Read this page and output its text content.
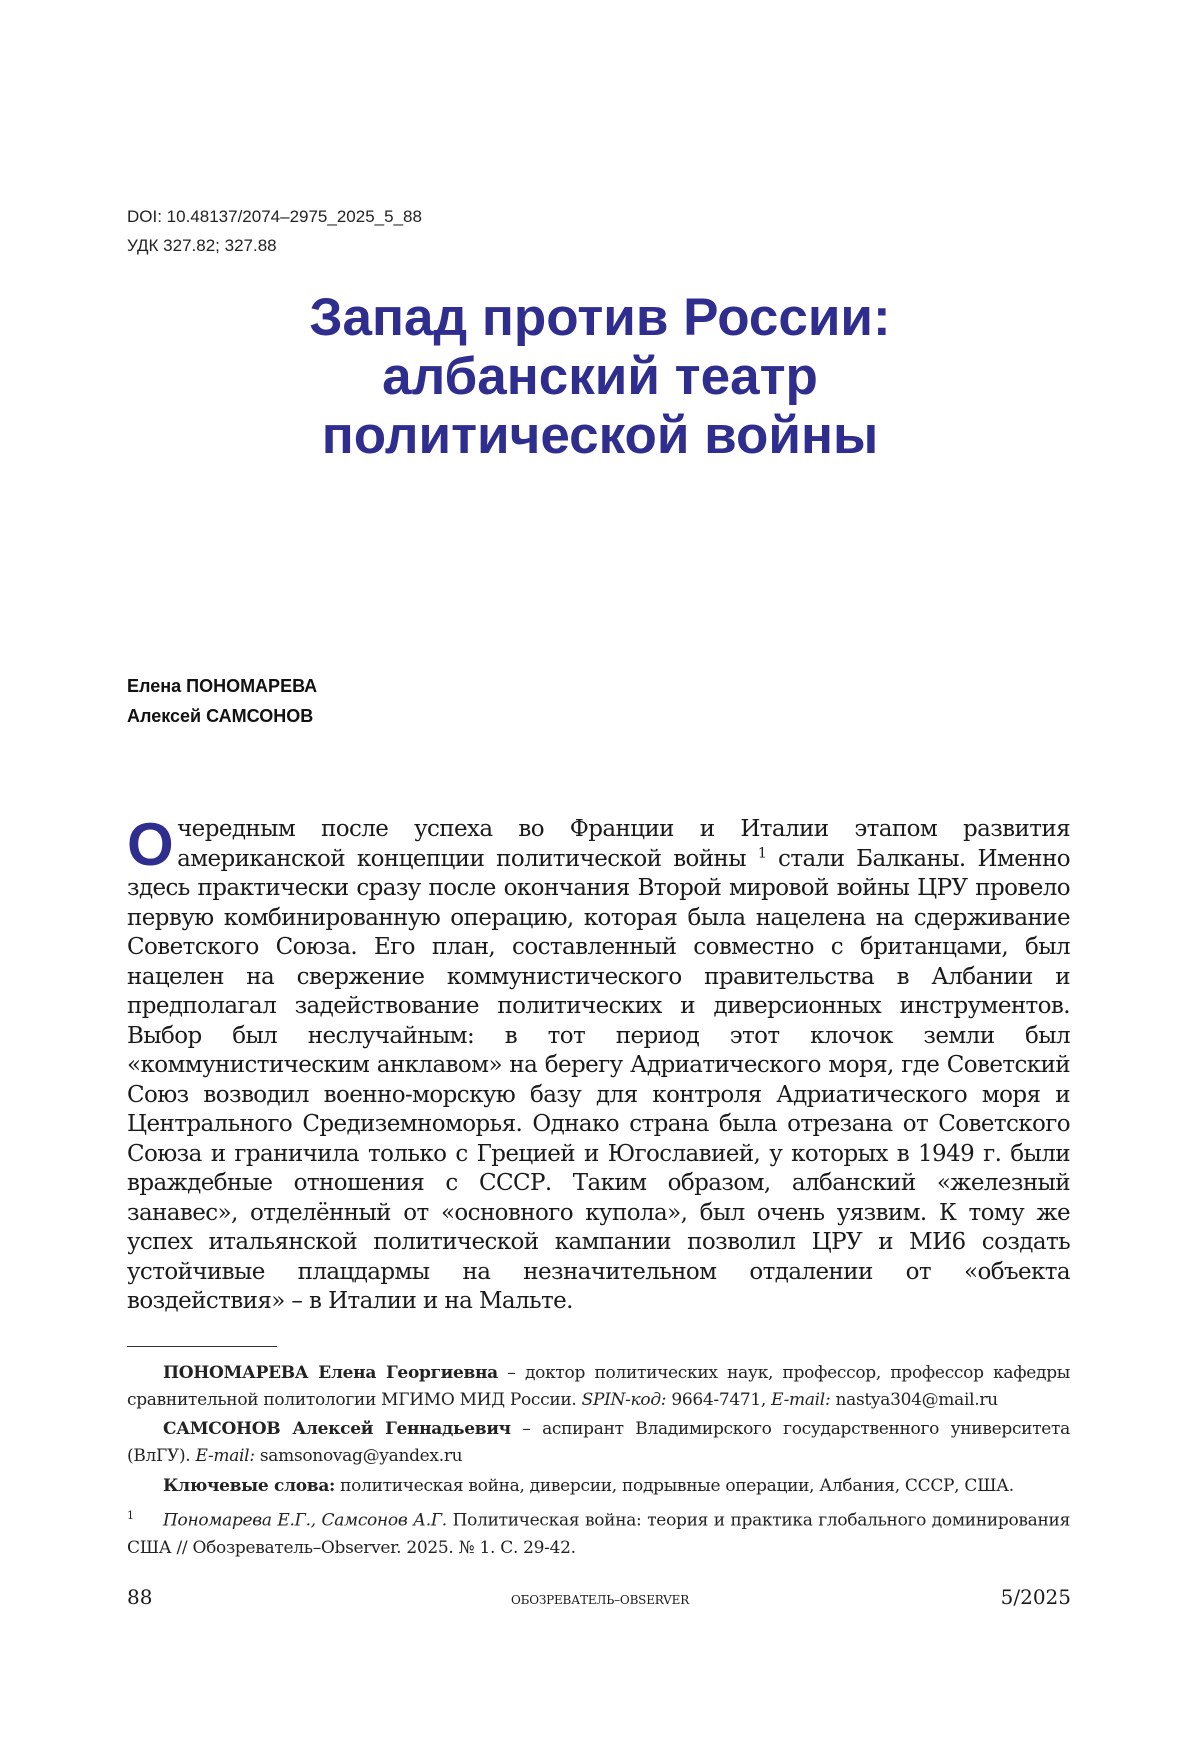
DOI: 10.48137/2074–2975_2025_5_88
УДК 327.82; 327.88
Запад против России:
албанский театр
политической войны
Елена ПОНОМАРЕВА
Алексей САМСОНОВ

Очередным после успеха во Франции и Италии этапом развития американской концепции политической войны $^1$ стали Балканы. Именно здесь практически сразу после окончания Второй мировой войны ЦРУ провело первую комбинированную операцию, которая была нацелена на сдерживание Советского Союза. Его план, составленный совместно с британцами, был нацелен на свержение коммунистического правительства в Албании и предполагал задействование политических и диверсионных инструментов. Выбор был неслучайным: в тот период этот клочок земли был «коммунистическим анклавом» на берегу Адриатического моря, где Советский Союз возводил военно-морскую базу для контроля Адриатического моря и Центрального Средиземноморья. Однако страна была отрезана от Советского Союза и граничила только с Грецией и Югославией, у которых в 1949 г. были враждебные отношения с СССР. Таким образом, албанский «железный занавес», отделённый от «основного купола», был очень уязвим. К тому же успех итальянской политической кампании позволил ЦРУ и МИ6 создать устойчивые плацдармы на незначительном отдалении от «объекта воздействия» – в Италии и на Мальте.

ПОНОМАРЕВА Елена Георгиевна – доктор политических наук, профессор, профессор кафедры сравнительной политологии МГИМО МИД России. SPIN-код: 9664-7471, E-mail: nastya304@mail.ru

САМСОНОВ Алексей Геннадьевич – аспирант Владимирского государственного университета (ВлГУ). E-mail: samsonovag@yandex.ru

Ключевые слова: политическая война, диверсии, подрывные операции, Албания, СССР, США.

$^1$ Пономарева Е.Г., Самсонов А.Г. Политическая война: теория и практика глобального доминирования США // Обозреватель–Observer. 2025. № 1. С. 29-42.

88	ОБОЗРЕВАТЕЛЬ–OBSERVER	5/2025
